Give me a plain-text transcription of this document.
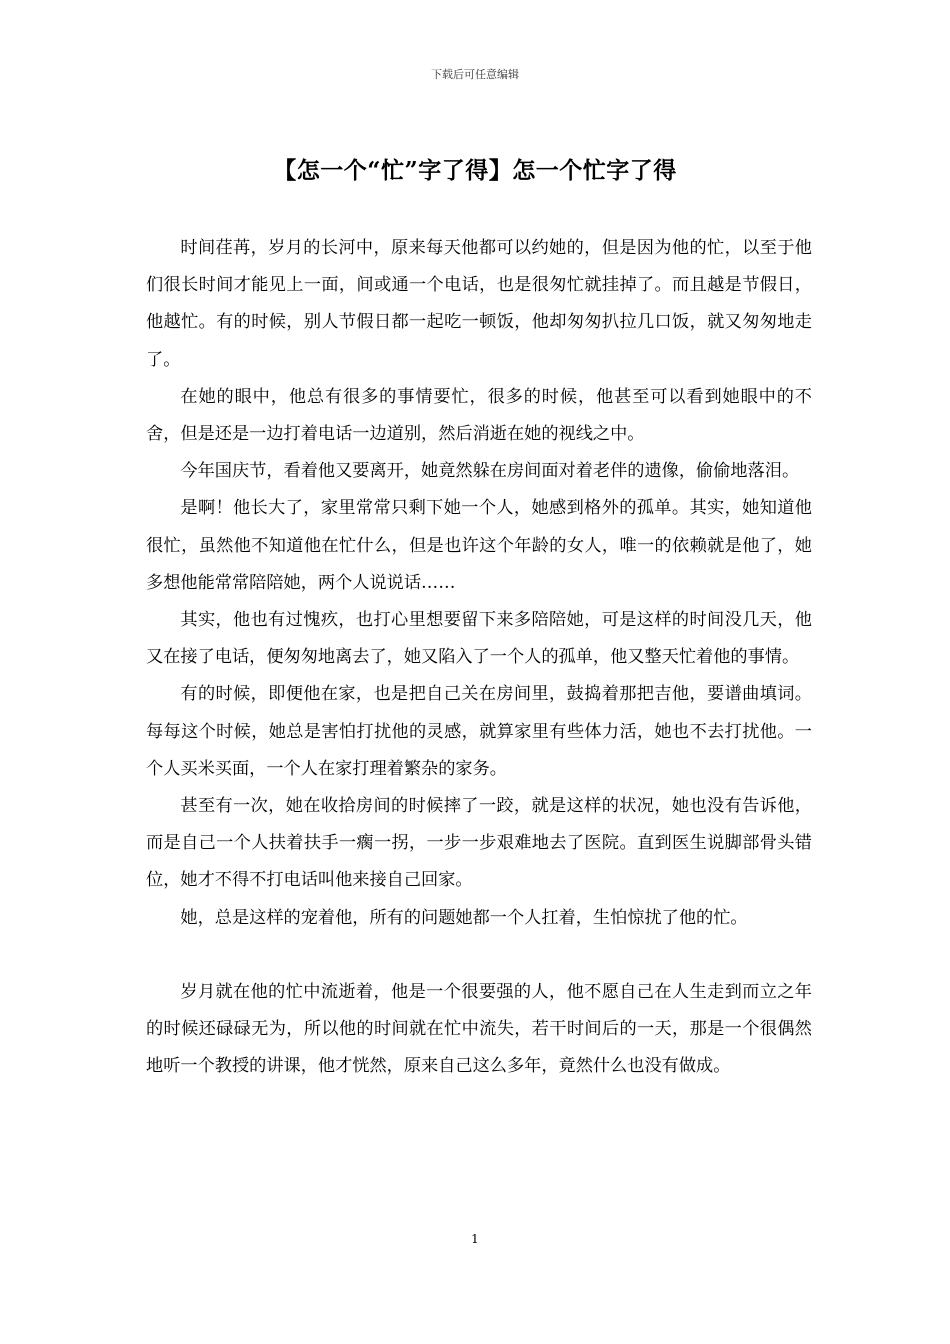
下载后可任意编辑
【怎一个“忙”字了得】怎一个忙字了得

时间荏苒，岁月的长河中，原来每天他都可以约她的，但是因为他的忙，以至于他们很长时间才能见上一面，间或通一个电话，也是很匆忙就挂掉了。而且越是节假日，他越忙。有的时候，别人节假日都一起吃一顿饭，他却匆匆扒拉几口饭，就又匆匆地走了。

在她的眼中，他总有很多的事情要忙，很多的时候，他甚至可以看到她眼中的不舍，但是还是一边打着电话一边道别，然后消逝在她的视线之中。

今年国庆节，看着他又要离开，她竟然躲在房间面对着老伴的遗像，偷偷地落泪。

是啊！他长大了，家里常常只剩下她一个人，她感到格外的孤单。其实，她知道他很忙，虽然他不知道他在忙什么，但是也许这个年龄的女人，唯一的依赖就是他了，她多想他能常常陪陪她，两个人说说话……

其实，他也有过愧疚，也打心里想要留下来多陪陪她，可是这样的时间没几天，他又在接了电话，便匆匆地离去了，她又陷入了一个人的孤单，他又整天忙着他的事情。

有的时候，即便他在家，也是把自己关在房间里，鼓捣着那把吉他，要谱曲填词。每每这个时候，她总是害怕打扰他的灵感，就算家里有些体力活，她也不去打扰他。一个人买米买面，一个人在家打理着繁杂的家务。

甚至有一次，她在收拾房间的时候摔了一跤，就是这样的状况，她也没有告诉他，而是自己一个人扶着扶手一瘸一拐，一步一步艰难地去了医院。直到医生说脚部骨头错位，她才不得不打电话叫他来接自己回家。

她，总是这样的宠着他，所有的问题她都一个人扛着，生怕惊扰了他的忙。

岁月就在他的忙中流逝着，他是一个很要强的人，他不愿自己在人生走到而立之年的时候还碌碌无为，所以他的时间就在忙中流失，若干时间后的一天，那是一个很偶然地听一个教授的讲课，他才恍然，原来自己这么多年，竟然什么也没有做成。

1
